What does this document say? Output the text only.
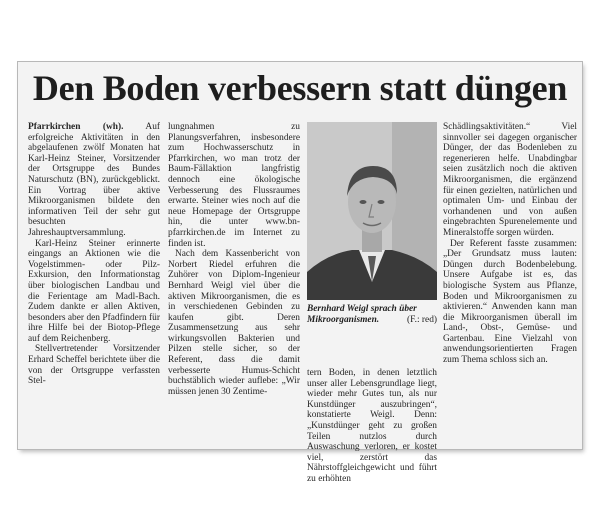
Den Boden verbessern statt düngen

Pfarrkirchen (wh). Auf erfolgreiche Aktivitäten in den abgelaufenen zwölf Monaten hat Karl-Heinz Steiner, Vorsitzender der Ortsgruppe des Bundes Naturschutz (BN), zurückgeblickt. Ein Vortrag über aktive Mikroorganismen bildete den informativen Teil der sehr gut besuchten Jahreshauptversammlung.

Karl-Heinz Steiner erinnerte eingangs an Aktionen wie die Vogelstimmen- oder Pilz-Exkursion, den Informationstag über biologischen Landbau und die Ferientage am Madl-Bach. Zudem dankte er allen Aktiven, besonders aber den Pfadfindern für ihre Hilfe bei der Biotop-Pflege auf dem Reichenberg.

Stellvertretender Vorsitzender Erhard Scheffel berichtete über die von der Ortsgruppe verfassten Stel-

lungnahmen zu Planungsverfahren, insbesondere zum Hochwasserschutz in Pfarrkirchen, wo man trotz der Baum-Fällaktion langfristig dennoch eine ökologische Verbesserung des Flussraumes erwarte. Steiner wies noch auf die neue Homepage der Ortsgruppe hin, die unter www.bn-pfarrkirchen.de im Internet zu finden ist.

Nach dem Kassenbericht von Norbert Riedel erfuhren die Zuhörer von Diplom-Ingenieur Bernhard Weigl viel über die aktiven Mikroorganismen, die es in verschiedenen Gebinden zu kaufen gibt. Deren Zusammensetzung aus sehr wirkungsvollen Bakterien und Pilzen stelle sicher, so der Referent, dass die damit verbesserte Humus-Schicht buchstäblich wieder auflebe: „Wir müssen jenen 30 Zentime-

Bernhard Weigl sprach über Mikroorganismen.	(F.: red)

tern Boden, in denen letztlich unser aller Lebensgrundlage liegt, wieder mehr Gutes tun, als nur Kunstdünger auszubringen“, konstatierte Weigl. Denn: „Kunstdünger geht zu großen Teilen nutzlos durch Auswaschung verloren, er kostet viel, zerstört das Nährstoffgleichgewicht und führt zu erhöhten

Schädlingsaktivitäten.“ Viel sinnvoller sei dagegen organischer Dünger, der das Bodenleben zu regenerieren helfe. Unabdingbar seien zusätzlich noch die aktiven Mikroorganismen, die ergänzend für einen gezielten, natürlichen und optimalen Um- und Einbau der vorhandenen und von außen eingebrachten Spurenelemente und Mineralstoffe sorgen würden.

Der Referent fasste zusammen: „Der Grundsatz muss lauten: Düngen durch Bodenbelebung. Unsere Aufgabe ist es, das biologische System aus Pflanze, Boden und Mikroorganismen zu aktivieren.“ Anwenden kann man die Mikroorganismen überall im Land-, Obst-, Gemüse- und Gartenbau. Eine Vielzahl von anwendungsorientierten Fragen zum Thema schloss sich an.
